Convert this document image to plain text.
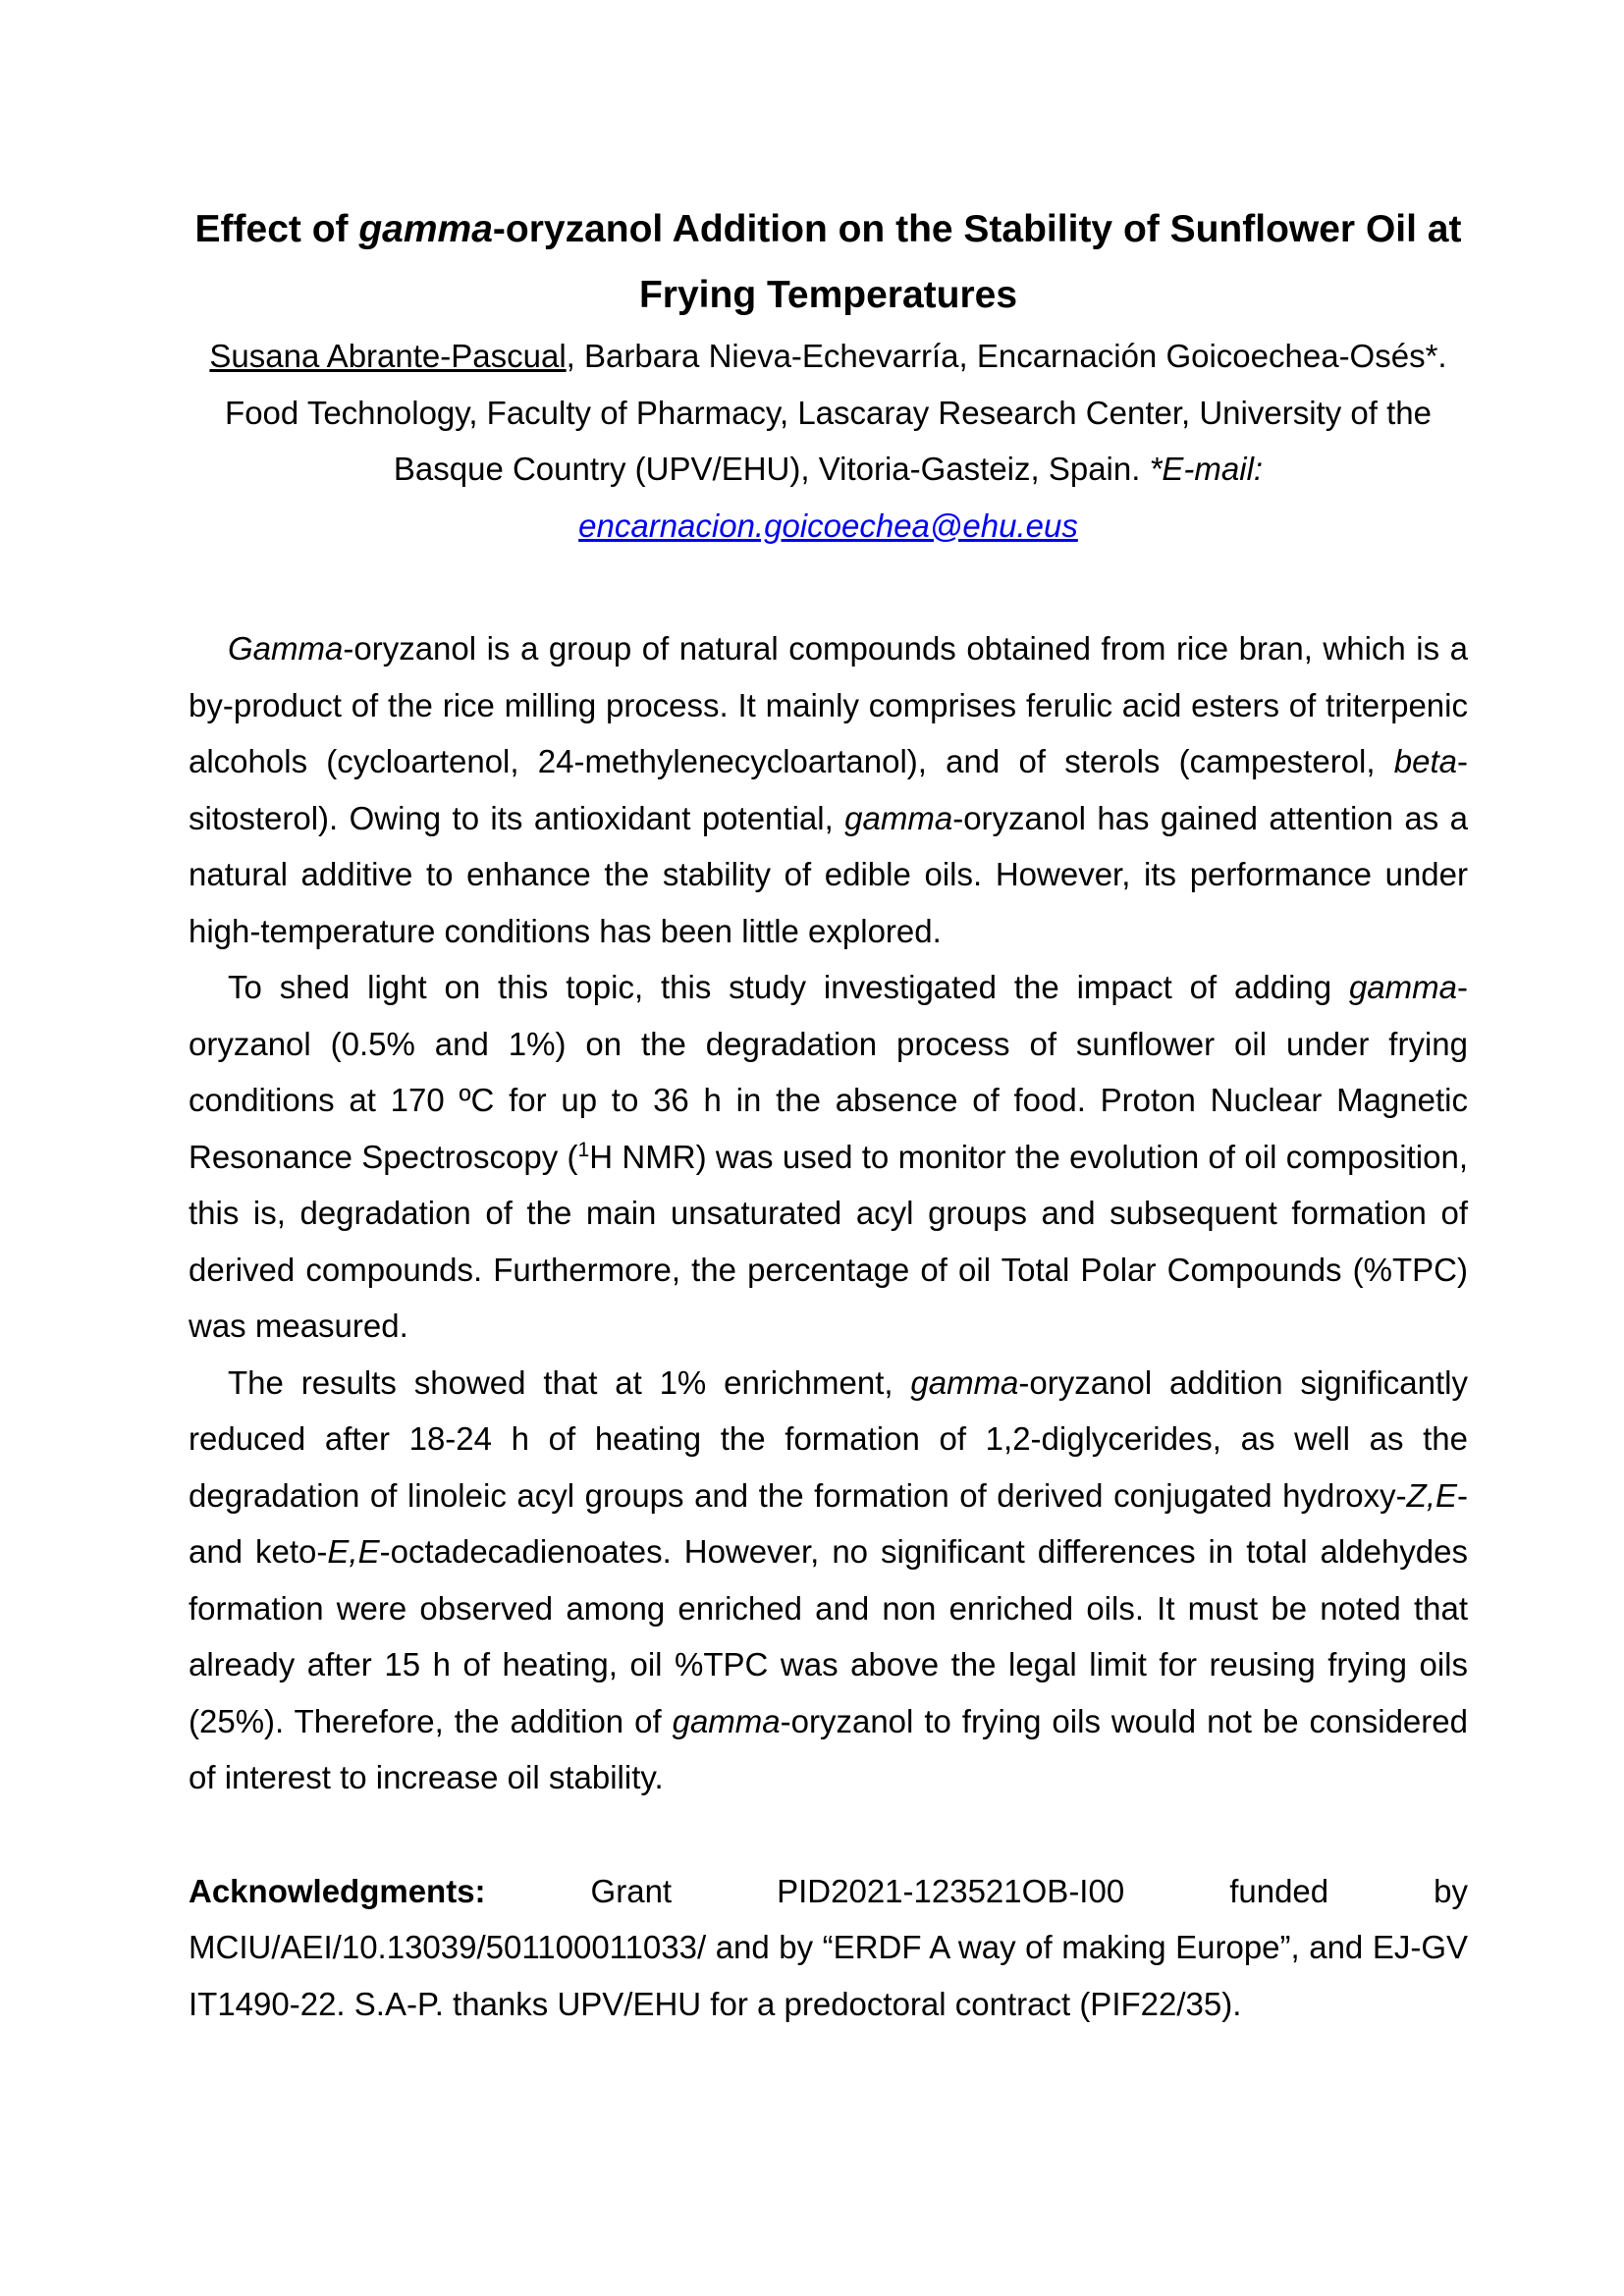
Effect of gamma-oryzanol Addition on the Stability of Sunflower Oil at Frying Temperatures

Susana Abrante-Pascual, Barbara Nieva-Echevarría, Encarnación Goicoechea-Osés*.

Food Technology, Faculty of Pharmacy, Lascaray Research Center, University of the Basque Country (UPV/EHU), Vitoria-Gasteiz, Spain. *E-mail:

encarnacion.goicoechea@ehu.eus

Gamma-oryzanol is a group of natural compounds obtained from rice bran, which is a by-product of the rice milling process. It mainly comprises ferulic acid esters of triterpenic alcohols (cycloartenol, 24-methylenecycloartanol), and of sterols (campesterol, beta-sitosterol). Owing to its antioxidant potential, gamma-oryzanol has gained attention as a natural additive to enhance the stability of edible oils. However, its performance under high-temperature conditions has been little explored.

To shed light on this topic, this study investigated the impact of adding gamma-oryzanol (0.5% and 1%) on the degradation process of sunflower oil under frying conditions at 170 ºC for up to 36 h in the absence of food. Proton Nuclear Magnetic Resonance Spectroscopy ($^1$H NMR) was used to monitor the evolution of oil composition, this is, degradation of the main unsaturated acyl groups and subsequent formation of derived compounds. Furthermore, the percentage of oil Total Polar Compounds (%TPC) was measured.

The results showed that at 1% enrichment, gamma-oryzanol addition significantly reduced after 18-24 h of heating the formation of 1,2-diglycerides, as well as the degradation of linoleic acyl groups and the formation of derived conjugated hydroxy-Z,E- and keto-E,E-octadecadienoates. However, no significant differences in total aldehydes formation were observed among enriched and non enriched oils. It must be noted that already after 15 h of heating, oil %TPC was above the legal limit for reusing frying oils (25%). Therefore, the addition of gamma-oryzanol to frying oils would not be considered of interest to increase oil stability.

Acknowledgments: Grant PID2021-123521OB-I00 funded by MCIU/AEI/10.13039/501100011033/ and by “ERDF A way of making Europe”, and EJ-GV IT1490-22. S.A-P. thanks UPV/EHU for a predoctoral contract (PIF22/35).
